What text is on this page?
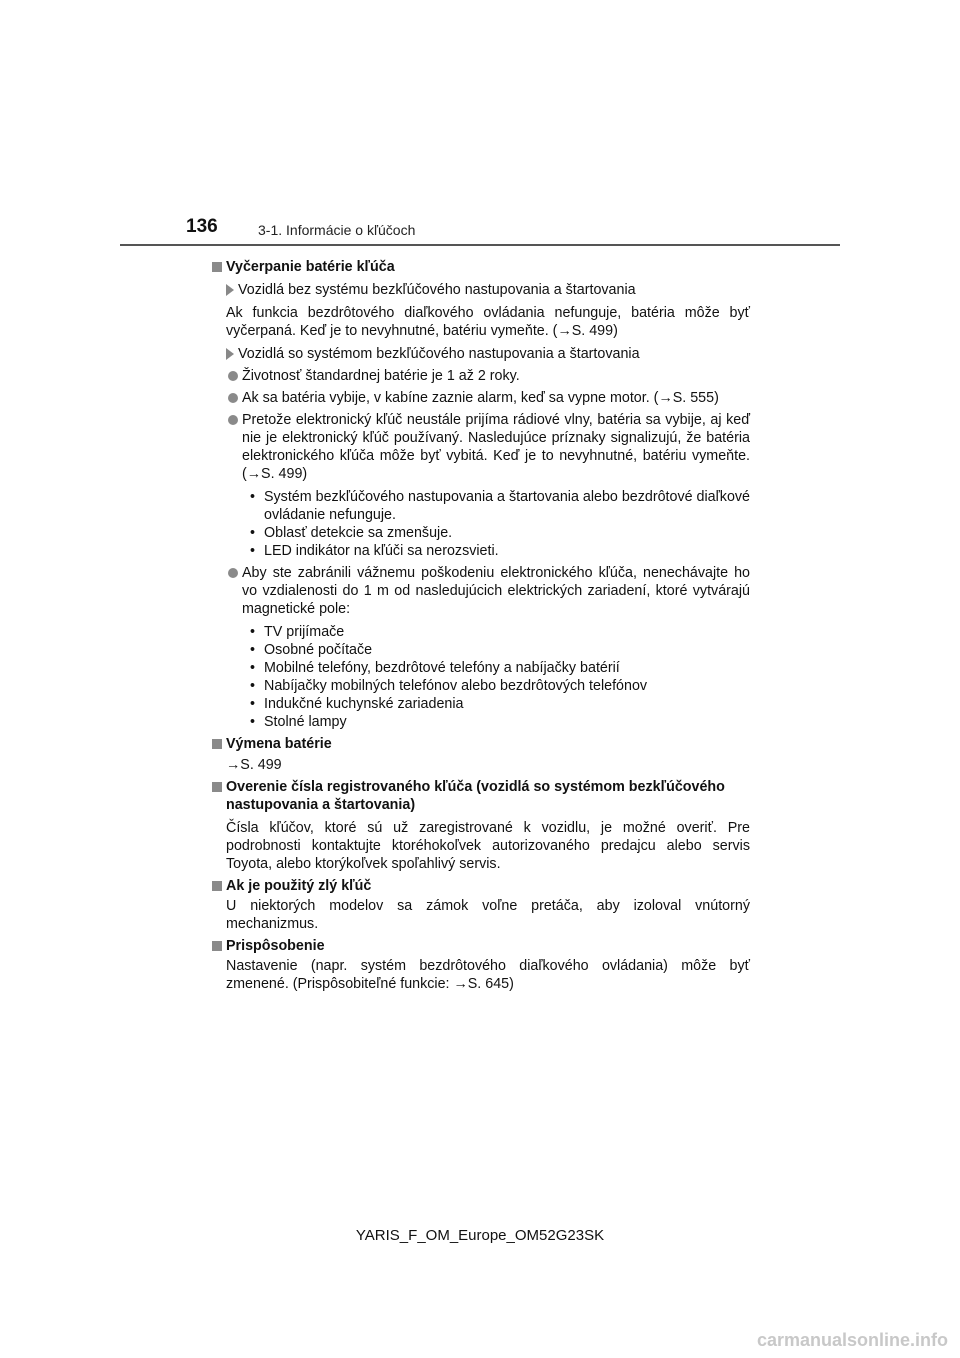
136	3-1. Informácie o kľúčoch
Vyčerpanie batérie kľúča
Vozidlá bez systému bezkľúčového nastupovania a štartovania
Ak funkcia bezdrôtového diaľkového ovládania nefunguje, batéria môže byť vyčerpaná. Keď je to nevyhnutné, batériu vymeňte. (→S. 499)
Vozidlá so systémom bezkľúčového nastupovania a štartovania
Životnosť štandardnej batérie je 1 až 2 roky.
Ak sa batéria vybije, v kabíne zaznie alarm, keď sa vypne motor. (→S. 555)
Pretože elektronický kľúč neustále prijíma rádiové vlny, batéria sa vybije, aj keď nie je elektronický kľúč používaný. Nasledujúce príznaky signalizujú, že batéria elektronického kľúča môže byť vybitá. Keď je to nevyhnutné, batériu vymeňte. (→S. 499)
• Systém bezkľúčového nastupovania a štartovania alebo bezdrôtové diaľkové ovládanie nefunguje.
• Oblasť detekcie sa zmenšuje.
• LED indikátor na kľúči sa nerozsvieti.
Aby ste zabránili vážnemu poškodeniu elektronického kľúča, nenechávajte ho vo vzdialenosti do 1 m od nasledujúcich elektrických zariadení, ktoré vytvárajú magnetické pole:
• TV prijímače
• Osobné počítače
• Mobilné telefóny, bezdrôtové telefóny a nabíjačky batérií
• Nabíjačky mobilných telefónov alebo bezdrôtových telefónov
• Indukčné kuchynské zariadenia
• Stolné lampy
Výmena batérie
→S. 499
Overenie čísla registrovaného kľúča (vozidlá so systémom bezkľúčového nastupovania a štartovania)
Čísla kľúčov, ktoré sú už zaregistrované k vozidlu, je možné overiť. Pre podrobnosti kontaktujte ktoréhokoľvek autorizovaného predajcu alebo servis Toyota, alebo ktorýkoľvek spoľahlivý servis.
Ak je použitý zlý kľúč
U niektorých modelov sa zámok voľne pretáča, aby izoloval vnútorný mechanizmus.
Prispôsobenie
Nastavenie (napr. systém bezdrôtového diaľkového ovládania) môže byť zmenené. (Prispôsobiteľné funkcie: →S. 645)
YARIS_F_OM_Europe_OM52G23SK
carmanualsonline.info
